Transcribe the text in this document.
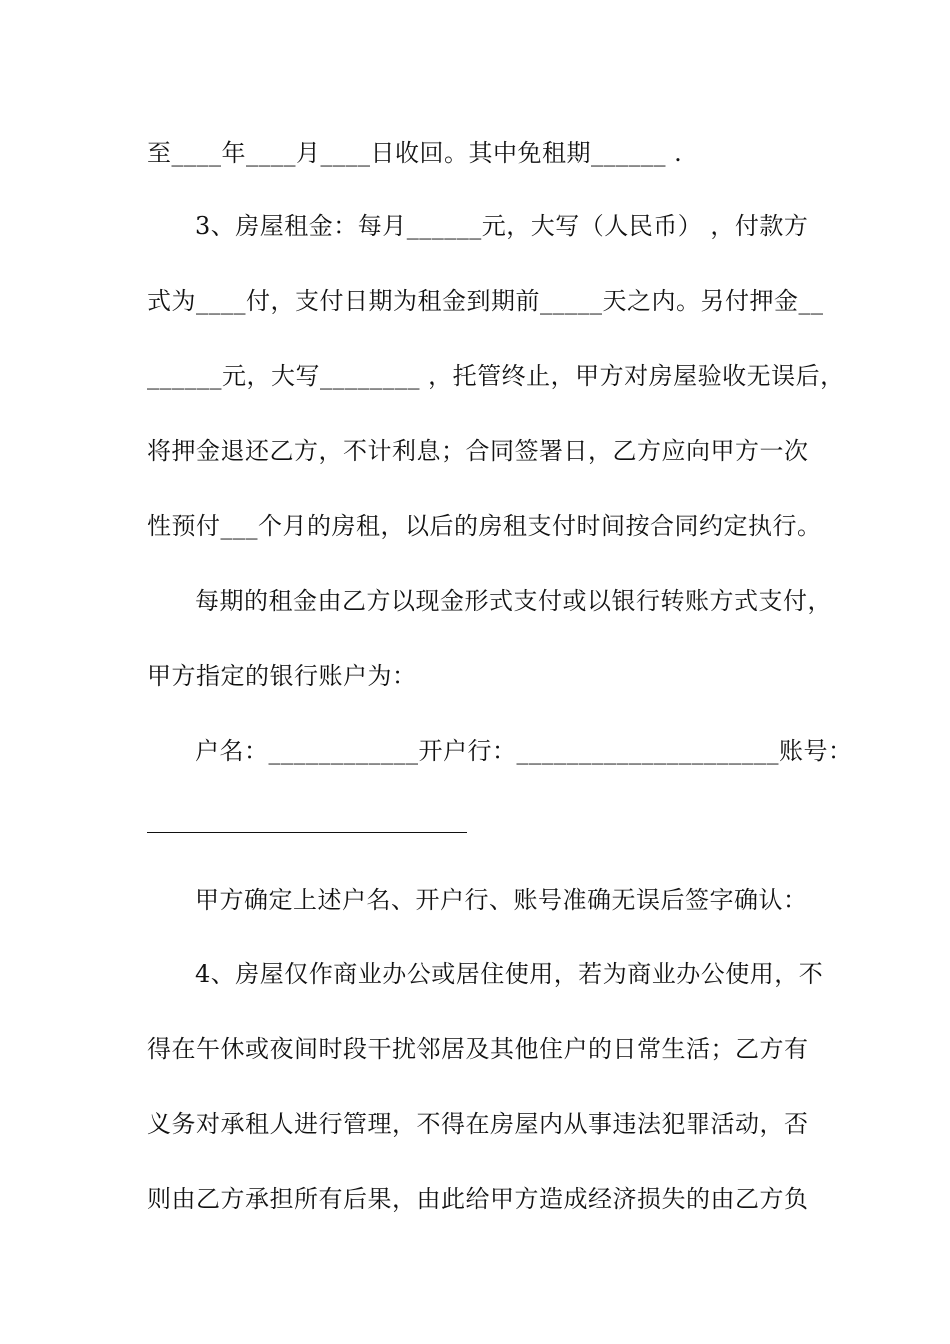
至____年____月____日收回。其中免租期______ .
3、房屋租金：每月______元，大写（人民币） ，付款方
式为____付，支付日期为租金到期前_____天之内。另付押金__
______元，大写________ ，托管终止，甲方对房屋验收无误后，
将押金退还乙方，不计利息；合同签署日，乙方应向甲方一次
性预付___个月的房租，以后的房租支付时间按合同约定执行。
每期的租金由乙方以现金形式支付或以银行转账方式支付，
甲方指定的银行账户为：
户名：____________开户行：_____________________账号：
甲方确定上述户名、开户行、账号准确无误后签字确认：
4、房屋仅作商业办公或居住使用，若为商业办公使用，不
得在午休或夜间时段干扰邻居及其他住户的日常生活；乙方有
义务对承租人进行管理，不得在房屋内从事违法犯罪活动，否
则由乙方承担所有后果，由此给甲方造成经济损失的由乙方负
